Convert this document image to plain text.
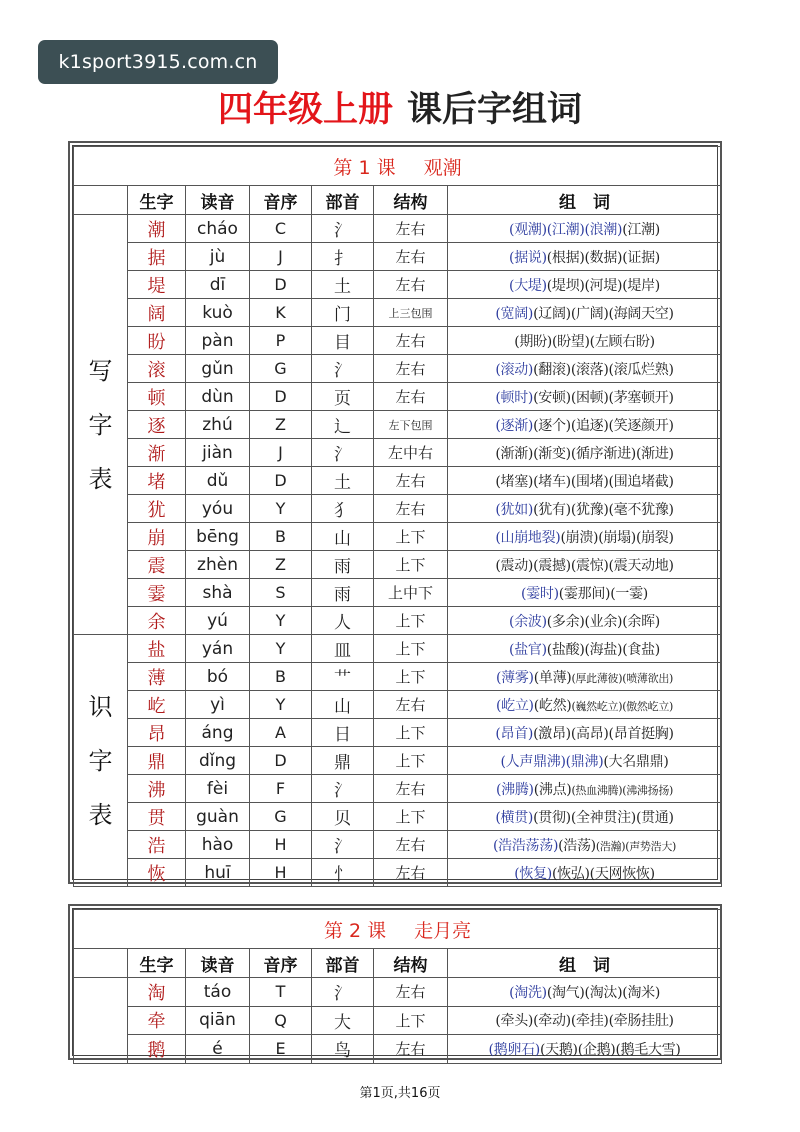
k1sport3915.com.cn
四年级上册 课后字组词
第 1 课 观潮						
	生字	读音	音序	部首	结构	组　词

写
字
表	潮	cháo	C	氵	左右	(观潮)(江潮)(浪潮)(江潮)
	据	jù	J	扌	左右	(据说)(根据)(数据)(证据)
	堤	dī	D	土	左右	(大堤)(堤坝)(河堤)(堤岸)
	阔	kuò	K	门	上三包围	(宽阔)(辽阔)(广阔)(海阔天空)
	盼	pàn	P	目	左右	(期盼)(盼望)(左顾右盼)
	滚	gǔn	G	氵	左右	(滚动)(翻滚)(滚落)(滚瓜烂熟)
	顿	dùn	D	页	左右	(顿时)(安顿)(困顿)(茅塞顿开)
	逐	zhú	Z	辶	左下包围	(逐渐)(逐个)(追逐)(笑逐颜开)
	渐	jiàn	J	氵	左中右	(渐渐)(渐变)(循序渐进)(渐进)
	堵	dǔ	D	土	左右	(堵塞)(堵车)(围堵)(围追堵截)
	犹	yóu	Y	犭	左右	(犹如)(犹有)(犹豫)(毫不犹豫)
	崩	bēng	B	山	上下	(山崩地裂)(崩溃)(崩塌)(崩裂)
	震	zhèn	Z	雨	上下	(震动)(震撼)(震惊)(震天动地)
	霎	shà	S	雨	上中下	(霎时)(霎那间)(一霎)
	余	yú	Y	人	上下	(余波)(多余)(业余)(余晖)

识
字
表	盐	yán	Y	皿	上下	(盐官)(盐酸)(海盐)(食盐)
	薄	bó	B	艹	上下	(薄雾)(单薄)(厚此薄彼)(喷薄欲出)
	屹	yì	Y	山	左右	(屹立)(屹然)(巍然屹立)(傲然屹立)
	昂	áng	A	日	上下	(昂首)(激昂)(高昂)(昂首挺胸)
	鼎	dǐng	D	鼎	上下	(人声鼎沸)(鼎沸)(大名鼎鼎)
	沸	fèi	F	氵	左右	(沸腾)(沸点)(热血沸腾)(沸沸扬扬)
	贯	guàn	G	贝	上下	(横贯)(贯彻)(全神贯注)(贯通)
	浩	hào	H	氵	左右	(浩浩荡荡)(浩荡)(浩瀚)(声势浩大)
	恢	huī	H	忄	左右	(恢复)(恢弘)(天网恢恢)
第 2 课 走月亮						
	生字	读音	音序	部首	结构	组　词
	淘	táo	T	氵	左右	(淘洗)(淘气)(淘汰)(淘米)
	牵	qiān	Q	大	上下	(牵头)(牵动)(牵挂)(牵肠挂肚)
	鹅	é	E	鸟	左右	(鹅卵石)(天鹅)(企鹅)(鹅毛大雪)
第1页,共16页
